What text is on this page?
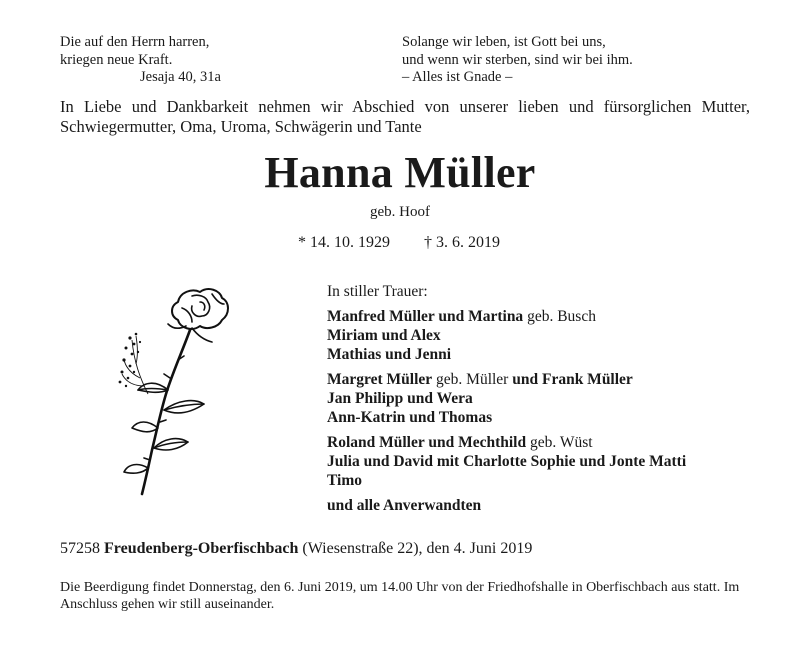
Die auf den Herrn harren,
kriegen neue Kraft.
Jesaja 40, 31a
Solange wir leben, ist Gott bei uns,
und wenn wir sterben, sind wir bei ihm.
– Alles ist Gnade –
In Liebe und Dankbarkeit nehmen wir Abschied von unserer lieben und fürsorglichen Mutter, Schwiegermutter, Oma, Uroma, Schwägerin und Tante
Hanna Müller
geb. Hoof
* 14. 10. 1929 † 3. 6. 2019
In stiller Trauer:
Manfred Müller und Martina geb. Busch
Miriam und Alex
Mathias und Jenni
Margret Müller geb. Müller und Frank Müller
Jan Philipp und Wera
Ann-Katrin und Thomas
Roland Müller und Mechthild geb. Wüst
Julia und David mit Charlotte Sophie und Jonte Matti
Timo
und alle Anverwandten
57258 Freudenberg-Oberfischbach (Wiesenstraße 22), den 4. Juni 2019
Die Beerdigung findet Donnerstag, den 6. Juni 2019, um 14.00 Uhr von der Friedhofshalle in Oberfischbach aus statt. Im Anschluss gehen wir still auseinander.
